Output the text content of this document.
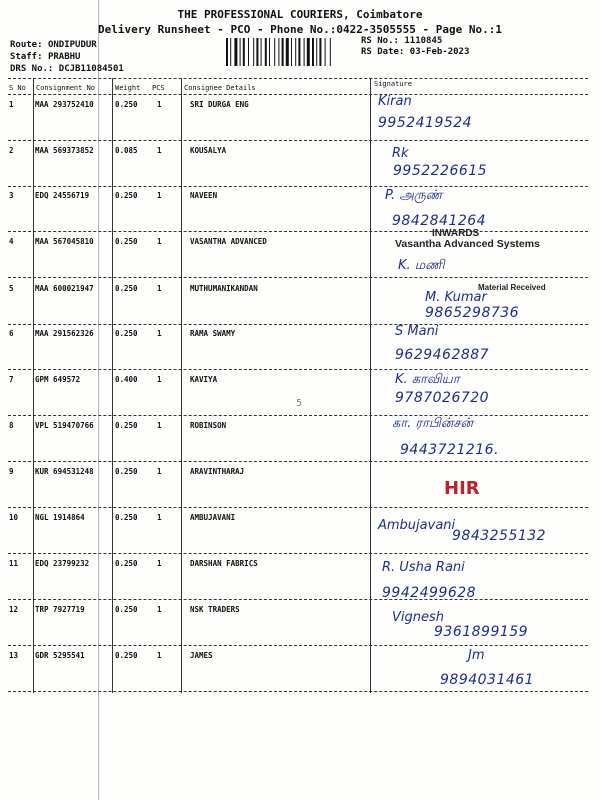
THE PROFESSIONAL COURIERS, Coimbatore
Delivery Runsheet - PCO - Phone No.:0422-3505555 - Page No.:1
Route: ONDIPUDUR
Staff: PRABHU
DRS No.: DCJB11084501
RS No.: 1110845
RS Date: 03-Feb-2023
S No Consignment No	Weight PCS	Consignee Details	Signature
1	MAA 293752410	0.250	1	SRI DURGA ENG	Kiran
9952419524
2	MAA 569373852	0.085	1	KOUSALYA	Rk
9952226615
3	EDQ 24556719	0.250	1	NAVEEN	P. அருண்
9842841264
4	MAA 567045810	0.250	1	VASANTHA ADVANCED
K. மணி
5	MAA 600021947	0.250	1	MUTHUMANIKANDAN
M. Kumar
9865298736
6	MAA 291562326	0.250	1	RAMA SWAMY	S Mani
9629462887
7	GPM 649572	0.400	1	KAVIYA	K. காவியா
9787026720
8	VPL 519470766	0.250	1	ROBINSON	கா. ராபின்சன்
9443721216.
9	KUR 694531248	0.250	1	ARAVINTHARAJ
10 NGL 1914864	0.250	1	AMBUJAVANI
Ambujavani
9843255132
11 EDQ 23799232	0.250	1	DARSHAN FABRICS	R. Usha Rani
9942499628
12 TRP 7927719	0.250	1	NSK TRADERS
Vignesh
9361899159
13 GDR 5295541	0.250	1	JAMES	Jm
9894031461
INWARDS
Vasantha Advanced Systems
Material Received
HIR
5
